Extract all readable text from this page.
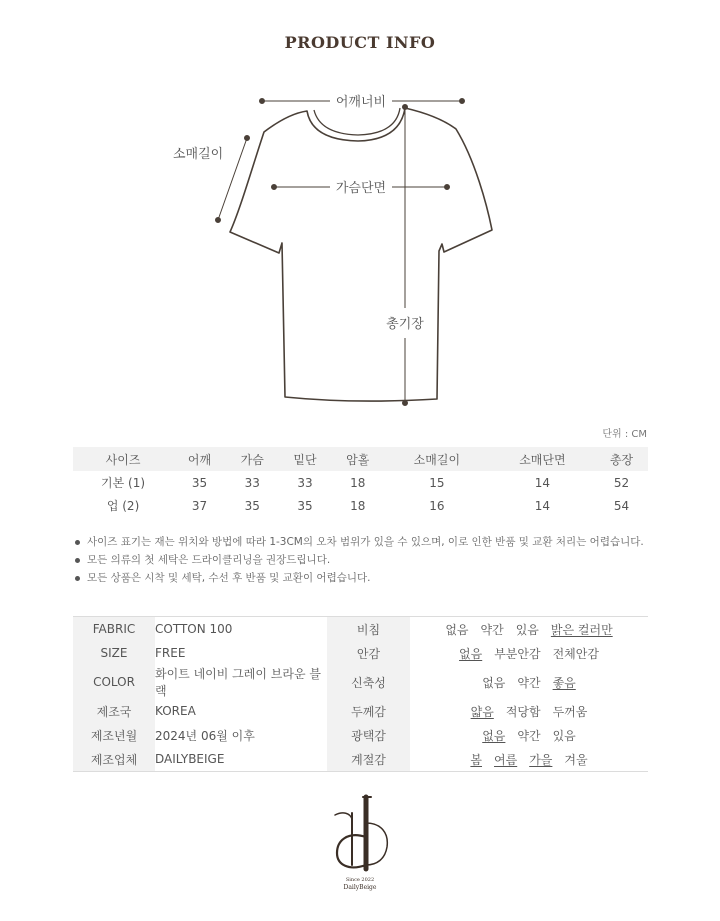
PRODUCT INFO
어깨너비
소매길이
가슴단면
총기장
단위 : CM
사이즈	어깨	가슴	밑단	암홀	소매길이	소매단면	총장
기본 (1)	35	33	33	18	15	14	52
업 (2)	37	35	35	18	16	14	54
사이즈 표기는 재는 위치와 방법에 따라 1-3CM의 오차 범위가 있을 수 있으며, 이로 인한 반품 및 교환 처리는 어렵습니다.
모든 의류의 첫 세탁은 드라이클리닝을 권장드립니다.
모든 상품은 시착 및 세탁, 수선 후 반품 및 교환이 어렵습니다.
FABRIC	COTTON 100	비침	없음 약간 있음 밝은 컬러만
SIZE	FREE	안감	없음 부분안감 전체안감
COLOR	화이트 네이비 그레이 브라운 블랙	신축성	없음 약간 좋음
제조국	KOREA	두께감	얇음 적당함 두꺼움
제조년월	2024년 06월 이후	광택감	없음 약간 있음
제조업체	DAILYBEIGE	계절감	봄 여름 가을 겨울
Since 2022
DailyBeige
